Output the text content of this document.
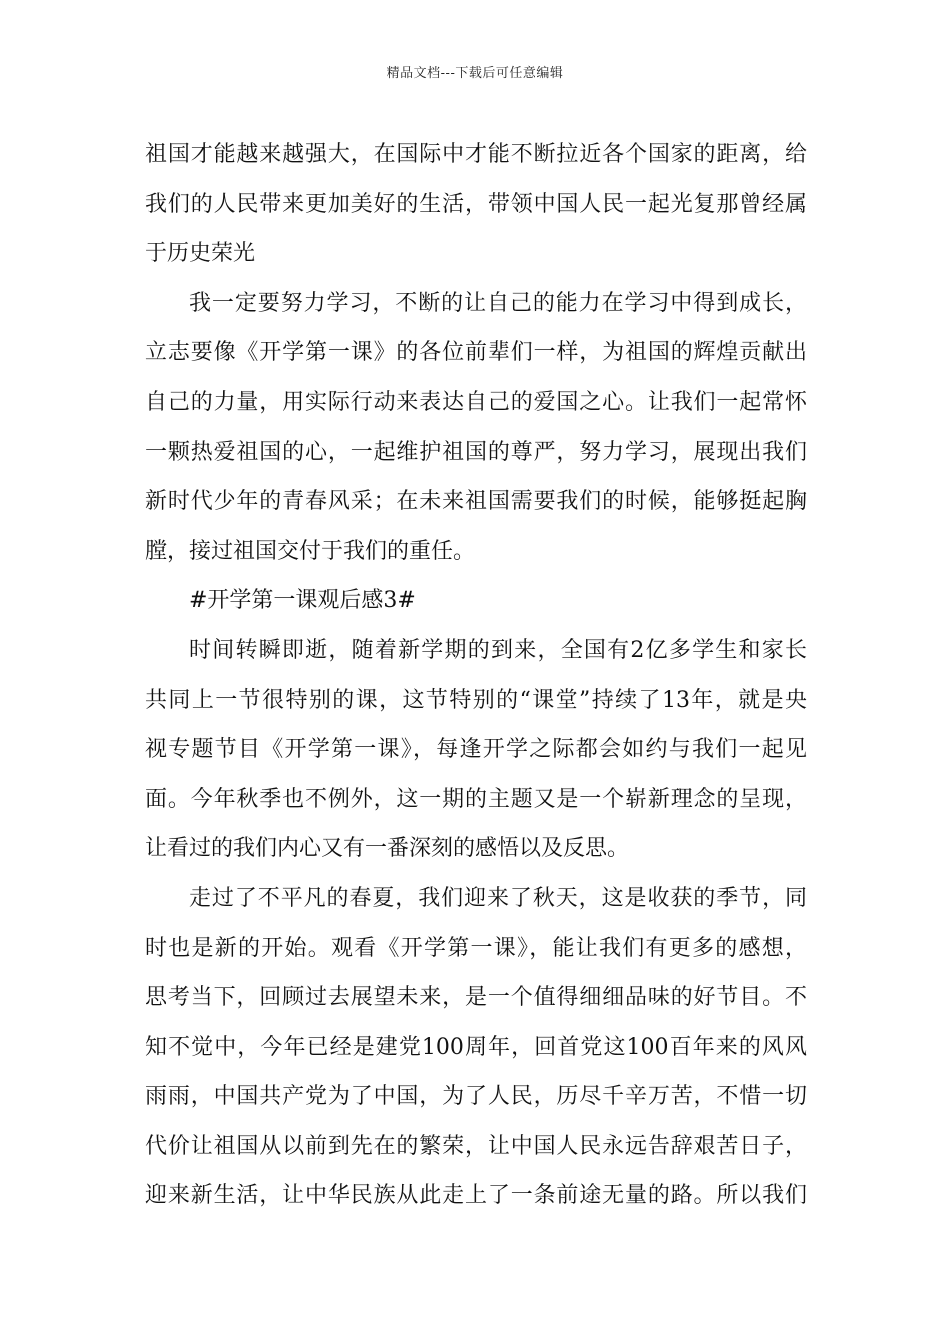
精品文档---下载后可任意编辑
祖国才能越来越强大，在国际中才能不断拉近各个国家的距离，给
我们的人民带来更加美好的生活，带领中国人民一起光复那曾经属
于历史荣光
我一定要努力学习，不断的让自己的能力在学习中得到成长，
立志要像《开学第一课》的各位前辈们一样，为祖国的辉煌贡献出
自己的力量，用实际行动来表达自己的爱国之心。让我们一起常怀
一颗热爱祖国的心，一起维护祖国的尊严，努力学习，展现出我们
新时代少年的青春风采；在未来祖国需要我们的时候，能够挺起胸
膛，接过祖国交付于我们的重任。
#开学第一课观后感3#
时间转瞬即逝，随着新学期的到来，全国有2亿多学生和家长
共同上一节很特别的课，这节特别的“课堂”持续了13年，就是央
视专题节目《开学第一课》，每逢开学之际都会如约与我们一起见
面。今年秋季也不例外，这一期的主题又是一个崭新理念的呈现，
让看过的我们内心又有一番深刻的感悟以及反思。
走过了不平凡的春夏，我们迎来了秋天，这是收获的季节，同
时也是新的开始。观看《开学第一课》，能让我们有更多的感想，
思考当下，回顾过去展望未来，是一个值得细细品味的好节目。不
知不觉中，今年已经是建党100周年，回首党这100百年来的风风
雨雨，中国共产党为了中国，为了人民，历尽千辛万苦，不惜一切
代价让祖国从以前到先在的繁荣，让中国人民永远告辞艰苦日子，
迎来新生活，让中华民族从此走上了一条前途无量的路。所以我们
